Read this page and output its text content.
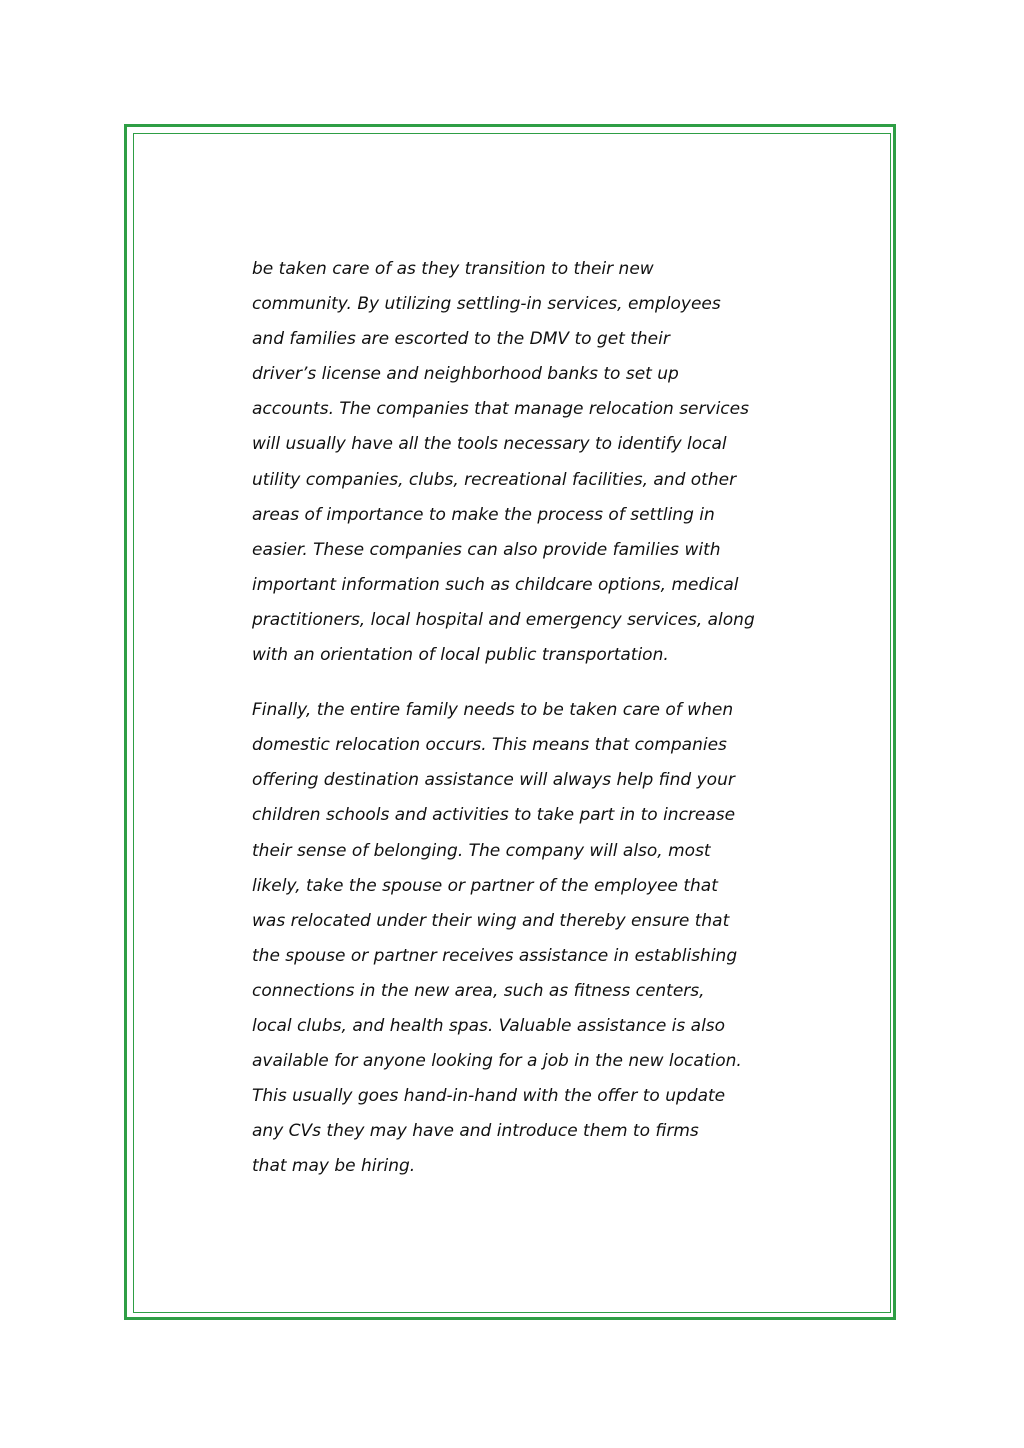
be taken care of as they transition to their new
community. By utilizing settling-in services, employees
and families are escorted to the DMV to get their
driver’s license and neighborhood banks to set up
accounts. The companies that manage relocation services
will usually have all the tools necessary to identify local
utility companies, clubs, recreational facilities, and other
areas of importance to make the process of settling in
easier. These companies can also provide families with
important information such as childcare options, medical
practitioners, local hospital and emergency services, along
with an orientation of local public transportation.

Finally, the entire family needs to be taken care of when
domestic relocation occurs. This means that companies
offering destination assistance will always help find your
children schools and activities to take part in to increase
their sense of belonging. The company will also, most
likely, take the spouse or partner of the employee that
was relocated under their wing and thereby ensure that
the spouse or partner receives assistance in establishing
connections in the new area, such as fitness centers,
local clubs, and health spas. Valuable assistance is also
available for anyone looking for a job in the new location.
This usually goes hand-in-hand with the offer to update
any CVs they may have and introduce them to firms
that may be hiring.
